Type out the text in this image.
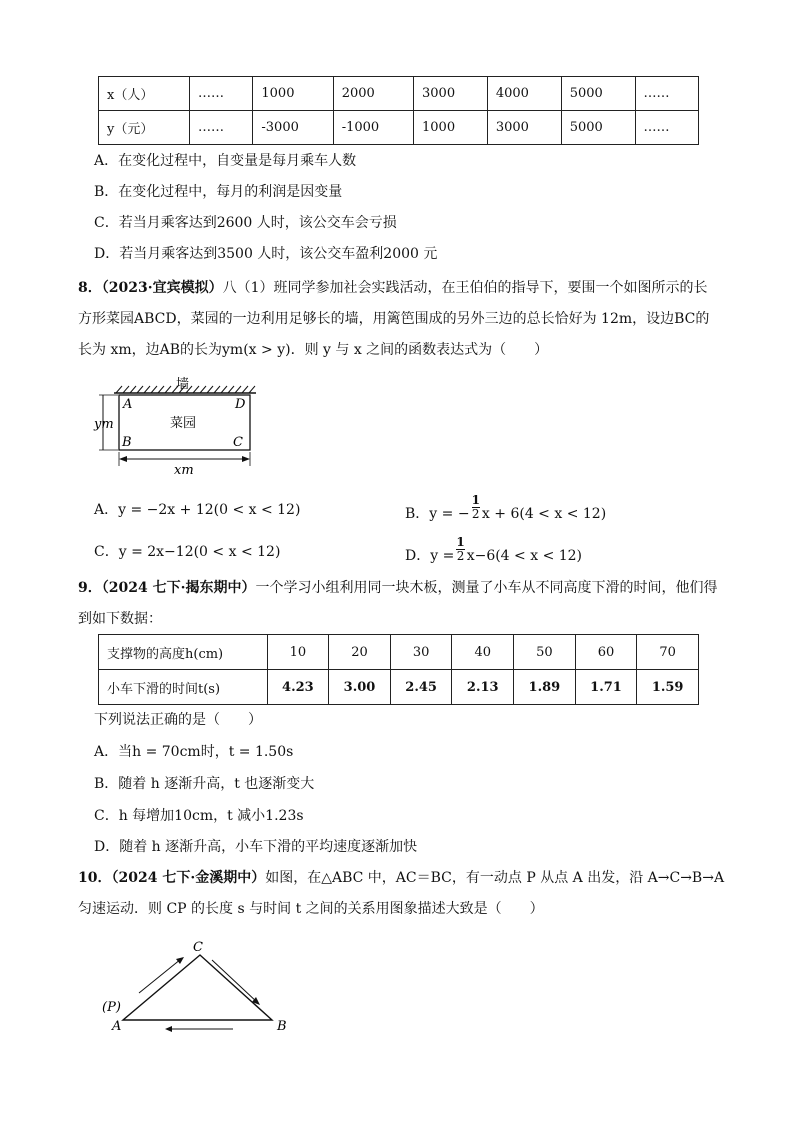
x（人）	……	1000	2000	3000	4000	5000	……
y（元）	……	-3000	-1000	1000	3000	5000	……
A．在变化过程中，自变量是每月乘车人数
B．在变化过程中，每月的利润是因变量
C．若当月乘客达到2600 人时，该公交车会亏损
D．若当月乘客达到3500 人时，该公交车盈利2000 元
8．（2023·宜宾模拟）八（1）班同学参加社会实践活动，在王伯伯的指导下，要围一个如图所示的长
方形菜园ABCD，菜园的一边利用足够长的墙，用篱笆围成的另外三边的总长恰好为 12m，设边BC的
长为 xm，边AB的长为ym(x > y)．则 y 与 x 之间的函数表达式为（　　）
墙
菜园
A	D
B	C
ym
xm
A．y = −2x + 12(0 < x < 12)	B．y = − $\frac{1}{2}$ x + 6(4 < x < 12)
C．y = 2x−12(0 < x < 12)	D．$y = \frac{1}{2} x-6(4 < x < 12)$
9．（2024 七下·揭东期中）一个学习小组利用同一块木板，测量了小车从不同高度下滑的时间，他们得
到如下数据：
支撑物的高度h(cm)	10	20	30	40	50	60	70
小车下滑的时间t(s)	4.23	3.00	2.45	2.13	1.89	1.71	1.59
下列说法正确的是（　　）
A．当h = 70cm时，t = 1.50s
B．随着 h 逐渐升高，t 也逐渐变大
C．h 每增加10cm，t 减小1.23s
D．随着 h 逐渐升高，小车下滑的平均速度逐渐加快
10．（2024 七下·金溪期中）如图，在△ABC 中，AC＝BC，有一动点 P 从点 A 出发，沿 A→C→B→A
匀速运动．则 CP 的长度 s 与时间 t 之间的关系用图象描述大致是（　　）
C
A	B
(P)
